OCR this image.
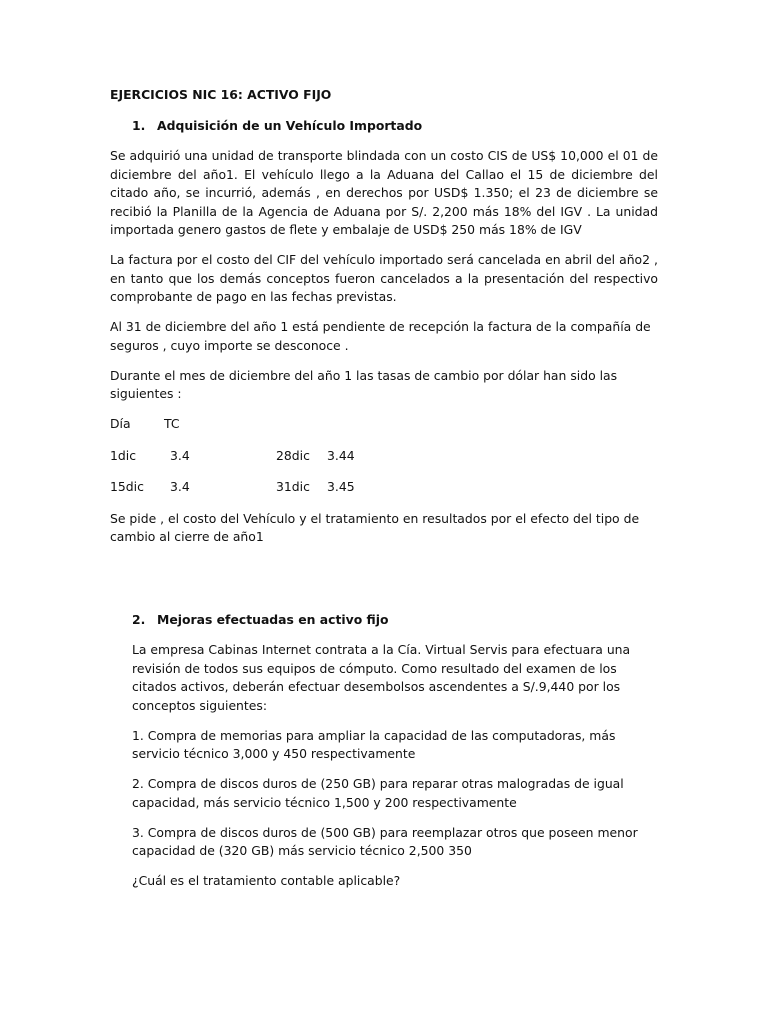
EJERCICIOS NIC 16: ACTIVO FIJO
1. Adquisición de un Vehículo Importado

Se adquirió una unidad de transporte blindada con un costo CIS de US$ 10,000 el 01 de diciembre del año1. El vehículo llego a la Aduana del Callao el 15 de diciembre del citado año, se incurrió, además , en derechos por USD$ 1.350; el 23 de diciembre se recibió la Planilla de la Agencia de Aduana por S/. 2,200 más 18% del IGV . La unidad importada genero gastos de flete y embalaje de USD$ 250 más 18% de IGV

La factura por el costo del CIF del vehículo importado será cancelada en abril del año2 , en tanto que los demás conceptos fueron cancelados a la presentación del respectivo comprobante de pago en las fechas previstas.

Al 31 de diciembre del año 1 está pendiente de recepción la factura de la compañía de seguros , cuyo importe se desconoce .

Durante el mes de diciembre del año 1 las tasas de cambio por dólar han sido las siguientes :

Día	TC
1dic	3.4	28dic	3.44
15dic	3.4	31dic	3.45

Se pide , el costo del Vehículo y el tratamiento en resultados por el efecto del tipo de cambio al cierre de año1

2. Mejoras efectuadas en activo fijo

La empresa Cabinas Internet contrata a la Cía. Virtual Servis para efectuara una revisión de todos sus equipos de cómputo. Como resultado del examen de los citados activos, deberán efectuar desembolsos ascendentes a S/.9,440 por los conceptos siguientes:

1. Compra de memorias para ampliar la capacidad de las computadoras, más servicio técnico 3,000 y 450 respectivamente

2. Compra de discos duros de (250 GB) para reparar otras malogradas de igual capacidad, más servicio técnico 1,500 y 200 respectivamente

3. Compra de discos duros de (500 GB) para reemplazar otros que poseen menor capacidad de (320 GB) más servicio técnico 2,500 350

¿Cuál es el tratamiento contable aplicable?
